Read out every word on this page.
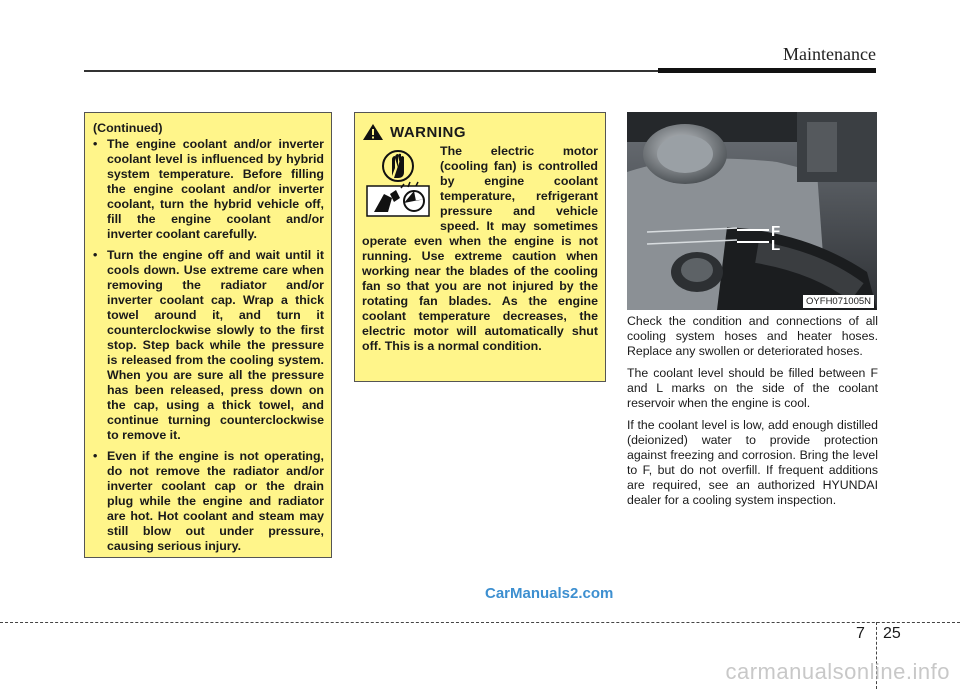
Maintenance
(Continued)
• The engine coolant and/or inverter coolant level is influenced by hybrid system temperature. Before filling the engine coolant and/or inverter coolant, turn the hybrid vehicle off, fill the engine coolant and/or inverter coolant carefully.
• Turn the engine off and wait until it cools down. Use extreme care when removing the radiator and/or inverter coolant cap. Wrap a thick towel around it, and turn it counterclockwise slowly to the first stop. Step back while the pressure is released from the cooling system. When you are sure all the pressure has been released, press down on the cap, using a thick towel, and continue turning counterclockwise to remove it.
• Even if the engine is not operating, do not remove the radiator and/or inverter coolant cap or the drain plug while the engine and radiator are hot. Hot coolant and steam may still blow out under pressure, causing serious injury.
WARNING

The electric motor (cooling fan) is controlled by engine coolant temperature, refrigerant pressure and vehicle speed. It may sometimes operate even when the engine is not running. Use extreme caution when working near the blades of the cooling fan so that you are not injured by the rotating fan blades. As the engine coolant temperature decreases, the electric motor will automatically shut off. This is a normal condition.

F
L
OYFH071005N

Check the condition and connections of all cooling system hoses and heater hoses. Replace any swollen or deteriorated hoses.

The coolant level should be filled between F and L marks on the side of the coolant reservoir when the engine is cool.

If the coolant level is low, add enough distilled (deionized) water to provide protection against freezing and corrosion. Bring the level to F, but do not overfill. If frequent additions are required, see an authorized HYUNDAI dealer for a cooling system inspection.

CarManuals2.com
7 25
carmanualsonline.info
